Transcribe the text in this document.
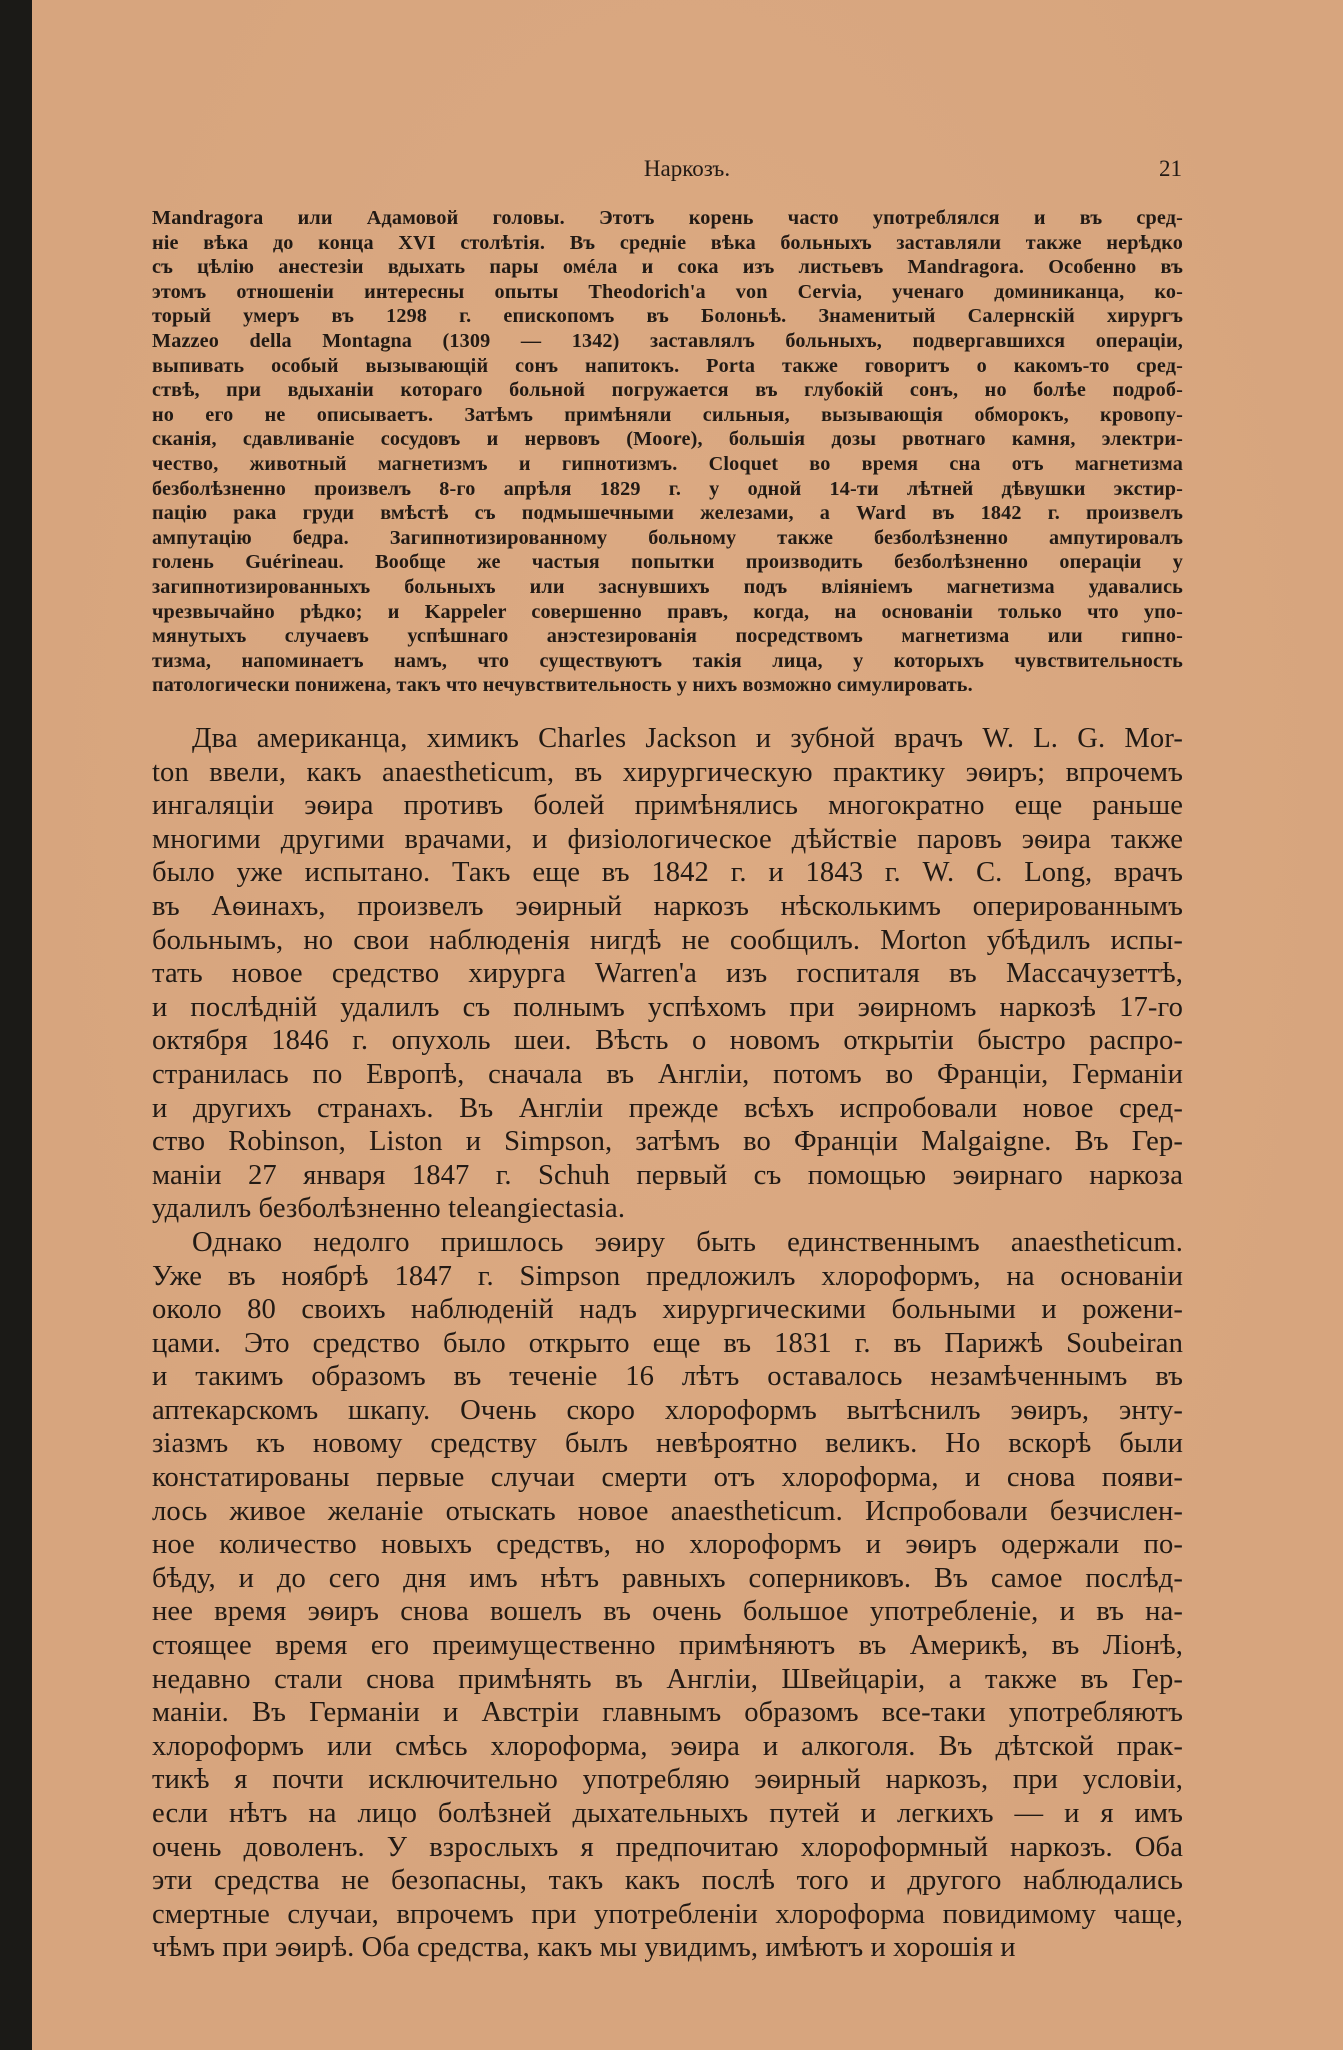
Наркозъ.	21
Mandragora или Адамовой головы. Этотъ корень часто употреблялся и въ сред-
ніе вѣка до конца XVI столѣтія. Въ средніе вѣка больныхъ заставляли также нерѣдко
съ цѣлію анестезіи вдыхать пары омéла и сока изъ листьевъ Mandragora. Особенно въ
этомъ отношеніи интересны опыты Theodorich'а von Cervia, ученаго доминиканца, ко-
торый умеръ въ 1298 г. епископомъ въ Болоньѣ. Знаменитый Салернскій хирургъ
Mazzeo della Montagna (1309 — 1342) заставлялъ больныхъ, подвергавшихся операціи,
выпивать особый вызывающій сонъ напитокъ. Porta также говоритъ о какомъ-то сред-
ствѣ, при вдыханіи котораго больной погружается въ глубокій сонъ, но болѣе подроб-
но его не описываетъ. Затѣмъ примѣняли сильныя, вызывающія обморокъ, кровопу-
сканія, сдавливаніе сосудовъ и нервовъ (Moore), большія дозы рвотнаго камня, электри-
чество, животный магнетизмъ и гипнотизмъ. Cloquet во время сна отъ магнетизма
безболѣзненно произвелъ 8-го апрѣля 1829 г. у одной 14-ти лѣтней дѣвушки экстир-
пацію рака груди вмѣстѣ съ подмышечными железами, а Ward въ 1842 г. произвелъ
ампутацію бедра. Загипнотизированному больному также безболѣзненно ампутировалъ
голень Guérineau. Вообще же частыя попытки производить безболѣзненно операціи у
загипнотизированныхъ больныхъ или заснувшихъ подъ вліяніемъ магнетизма удавались
чрезвычайно рѣдко; и Kappeler совершенно правъ, когда, на основаніи только что упо-
мянутыхъ случаевъ успѣшнаго анэстезированія посредствомъ магнетизма или гипно-
тизма, напоминаетъ намъ, что существуютъ такія лица, у которыхъ чувствительность
патологически понижена, такъ что нечувствительность у нихъ возможно симулировать.

Два американца, химикъ Charles Jackson и зубной врачъ W. L. G. Mor-
ton ввели, какъ anaestheticum, въ хирургическую практику эѳиръ; впрочемъ
ингаляціи эѳира противъ болей примѣнялись многократно еще раньше
многими другими врачами, и физіологическое дѣйствіе паровъ эѳира также
было уже испытано. Такъ еще въ 1842 г. и 1843 г. W. C. Long, врачъ
въ Аѳинахъ, произвелъ эѳирный наркозъ нѣсколькимъ оперированнымъ
больнымъ, но свои наблюденія нигдѣ не сообщилъ. Morton убѣдилъ испы-
тать новое средство хирурга Warren'а изъ госпиталя въ Массачузеттѣ,
и послѣдній удалилъ съ полнымъ успѣхомъ при эѳирномъ наркозѣ 17-го
октября 1846 г. опухоль шеи. Вѣсть о новомъ открытіи быстро распро-
странилась по Европѣ, сначала въ Англіи, потомъ во Франціи, Германіи
и другихъ странахъ. Въ Англіи прежде всѣхъ испробовали новое сред-
ство Robinson, Liston и Simpson, затѣмъ во Франціи Malgaigne. Въ Гер-
маніи 27 января 1847 г. Schuh первый съ помощью эѳирнаго наркоза
удалилъ безболѣзненно teleangiectasia.

Однако недолго пришлось эѳиру быть единственнымъ anaestheticum.
Уже въ ноябрѣ 1847 г. Simpson предложилъ хлороформъ, на основаніи
около 80 своихъ наблюденій надъ хирургическими больными и рожени-
цами. Это средство было открыто еще въ 1831 г. въ Парижѣ Soubeiran
и такимъ образомъ въ теченіе 16 лѣтъ оставалось незамѣченнымъ въ
аптекарскомъ шкапу. Очень скоро хлороформъ вытѣснилъ эѳиръ, энту-
зіазмъ къ новому средству былъ невѣроятно великъ. Но вскорѣ были
констатированы первые случаи смерти отъ хлороформа, и снова появи-
лось живое желаніе отыскать новое anaestheticum. Испробовали безчислен-
ное количество новыхъ средствъ, но хлороформъ и эѳиръ одержали по-
бѣду, и до сего дня имъ нѣтъ равныхъ соперниковъ. Въ самое послѣд-
нее время эѳиръ снова вошелъ въ очень большое употребленіе, и въ на-
стоящее время его преимущественно примѣняютъ въ Америкѣ, въ Ліонѣ,
недавно стали снова примѣнять въ Англіи, Швейцаріи, а также въ Гер-
маніи. Въ Германіи и Австріи главнымъ образомъ все-таки употребляютъ
хлороформъ или смѣсь хлороформа, эѳира и алкоголя. Въ дѣтской прак-
тикѣ я почти исключительно употребляю эѳирный наркозъ, при условіи,
если нѣтъ на лицо болѣзней дыхательныхъ путей и легкихъ — и я имъ
очень доволенъ. У взрослыхъ я предпочитаю хлороформный наркозъ. Оба
эти средства не безопасны, такъ какъ послѣ того и другого наблюдались
смертные случаи, впрочемъ при употребленіи хлороформа повидимому чаще,
чѣмъ при эѳирѣ. Оба средства, какъ мы увидимъ, имѣютъ и хорошія и
